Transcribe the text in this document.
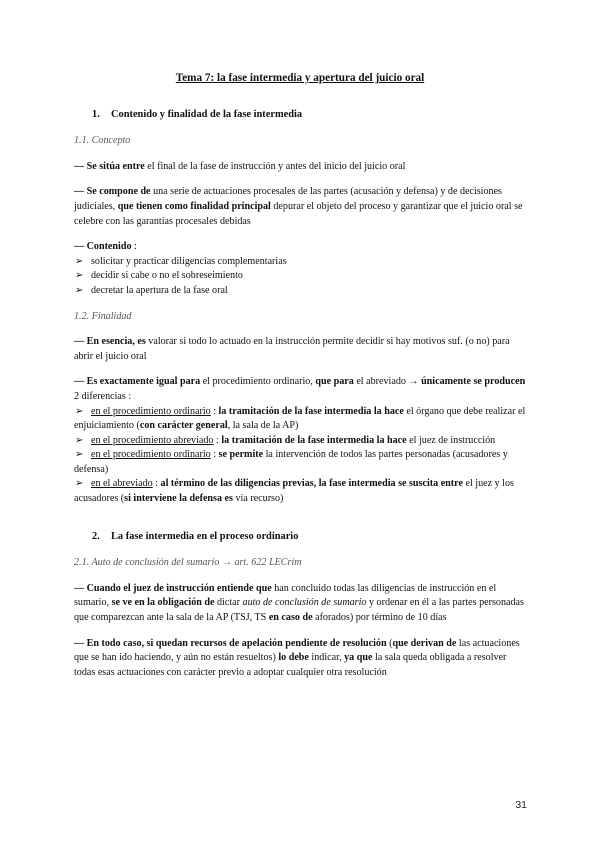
Tema 7: la fase intermedia y apertura del juicio oral
1. Contenido y finalidad de la fase intermedia
1.1. Concepto
— Se sitúa entre el final de la fase de instrucción y antes del inicio del juicio oral
— Se compone de una serie de actuaciones procesales de las partes (acusación y defensa) y de decisiones judiciales, que tienen como finalidad principal depurar el objeto del proceso y garantizar que el juicio oral se celebre con las garantías procesales debidas
— Contenido :
➢ solicitar y practicar diligencias complementarias
➢ decidir si cabe o no el sobreseimiento
➢ decretar la apertura de la fase oral
1.2. Finalidad
— En esencia, es valorar si todo lo actuado en la instrucción permite decidir si hay motivos suf. (o no) para abrir el juicio oral
— Es exactamente igual para el procedimiento ordinario, que para el abreviado → únicamente se producen 2 diferencias :
➢ en el procedimiento ordinario : la tramitación de la fase intermedia la hace el órgano que debe realizar el enjuiciamiento (con carácter general, la sala de la AP)
➢ en el procedimiento abreviado : la tramitación de la fase intermedia la hace el juez de instrucción
➢ en el procedimiento ordinario : se permite la intervención de todos las partes personadas (acusadores y defensa)
➢ en el abreviado : al término de las diligencias previas, la fase intermedia se suscita entre el juez y los acusadores (si interviene la defensa es vía recurso)
2. La fase intermedia en el proceso ordinario
2.1. Auto de conclusión del sumario → art. 622 LECrim
— Cuando el juez de instrucción entiende que han concluido todas las diligencias de instrucción en el sumario, se ve en la obligación de dictar auto de conclusión de sumario y ordenar en él a las partes personadas que comparezcan ante la sala de la AP (TSJ, TS en caso de aforados) por término de 10 días
— En todo caso, si quedan recursos de apelación pendiente de resolución (que derivan de las actuaciones que se han ido haciendo, y aún no están resueltos) lo debe indicar, ya que la sala queda obligada a resolver todas esas actuaciones con carácter previo a adoptar cualquier otra resolución
31
